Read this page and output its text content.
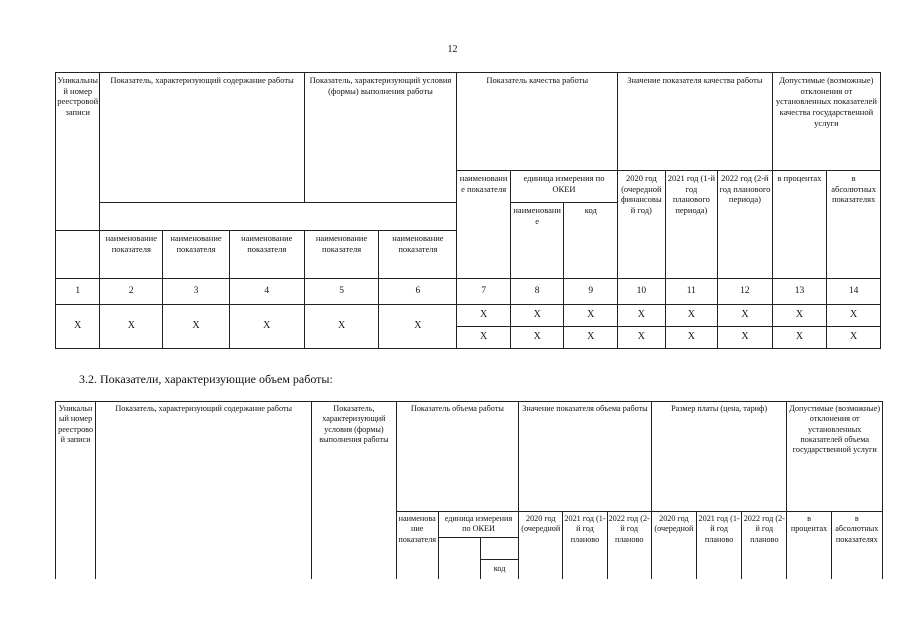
12
Уникальный номер реестровой записи	Показатель, характеризующий содержание работы			Показатель, характеризующий условия (формы) выполнения работы		Показатель качества работы			Значение показателя качества работы			Допустимые (возможные) отклонения от установленных показателей качества государственной услуги	
						наименование показателя	единица измерения по ОКЕИ		2020 год (очередной финансовый год)	2021 год (1-й год планового периода)	2022 год (2-й год планового периода)	в процентах	в абсолютных показателях
							наименование	код					
	наименование показателя	наименование показателя	наименование показателя	наименование показателя	наименование показателя								
1	2	3	4	5	6	7	8	9	10	11	12	13	14
Х	Х	Х	Х	Х	Х	Х	Х	Х	Х	Х	Х	Х	Х
						Х	Х	Х	Х	Х	Х	Х	Х
3.2. Показатели, характеризующие объем работы:
Уникальный номер реестровой записи	Показатель, характеризующий содержание работы	Показатель, характеризующий условия (формы) выполнения работы	Показатель объема работы			Значение показателя объема работы			Размер платы (цена, тариф)			Допустимые (возможные) отклонения от установленных показателей объема государственной услуги	
			наименование показателя	единица измерения по ОКЕИ		2020 год (очередной	2021 год (1-й год планово	2022 год (2-й год планово	2020 год (очередной	2021 год (1-й год планово	2022 год (2-й год планово	в процентах	в абсолютных показателях

					код								
